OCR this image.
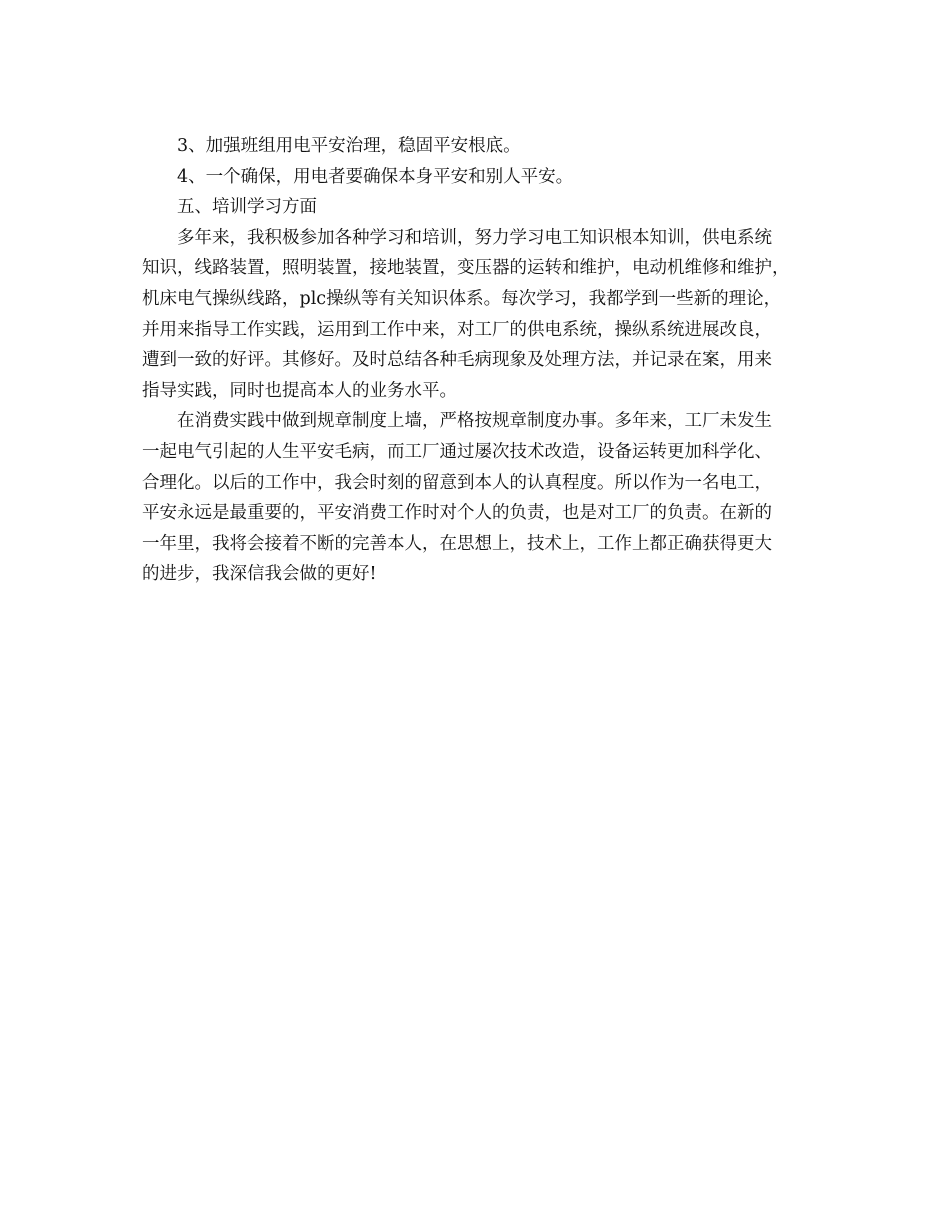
3、加强班组用电平安治理，稳固平安根底。

4、一个确保，用电者要确保本身平安和别人平安。

五、培训学习方面

多年来，我积极参加各种学习和培训，努力学习电工知识根本知训，供电系统

知识，线路装置，照明装置，接地装置，变压器的运转和维护，电动机维修和维护，

机床电气操纵线路，plc操纵等有关知识体系。每次学习，我都学到一些新的理论，

并用来指导工作实践，运用到工作中来，对工厂的供电系统，操纵系统进展改良，

遭到一致的好评。其修好。及时总结各种毛病现象及处理方法，并记录在案，用来

指导实践，同时也提高本人的业务水平。

在消费实践中做到规章制度上墙，严格按规章制度办事。多年来，工厂未发生

一起电气引起的人生平安毛病，而工厂通过屡次技术改造，设备运转更加科学化、

合理化。以后的工作中，我会时刻的留意到本人的认真程度。所以作为一名电工，

平安永远是最重要的，平安消费工作时对个人的负责，也是对工厂的负责。在新的

一年里，我将会接着不断的完善本人，在思想上，技术上，工作上都正确获得更大

的进步，我深信我会做的更好!
